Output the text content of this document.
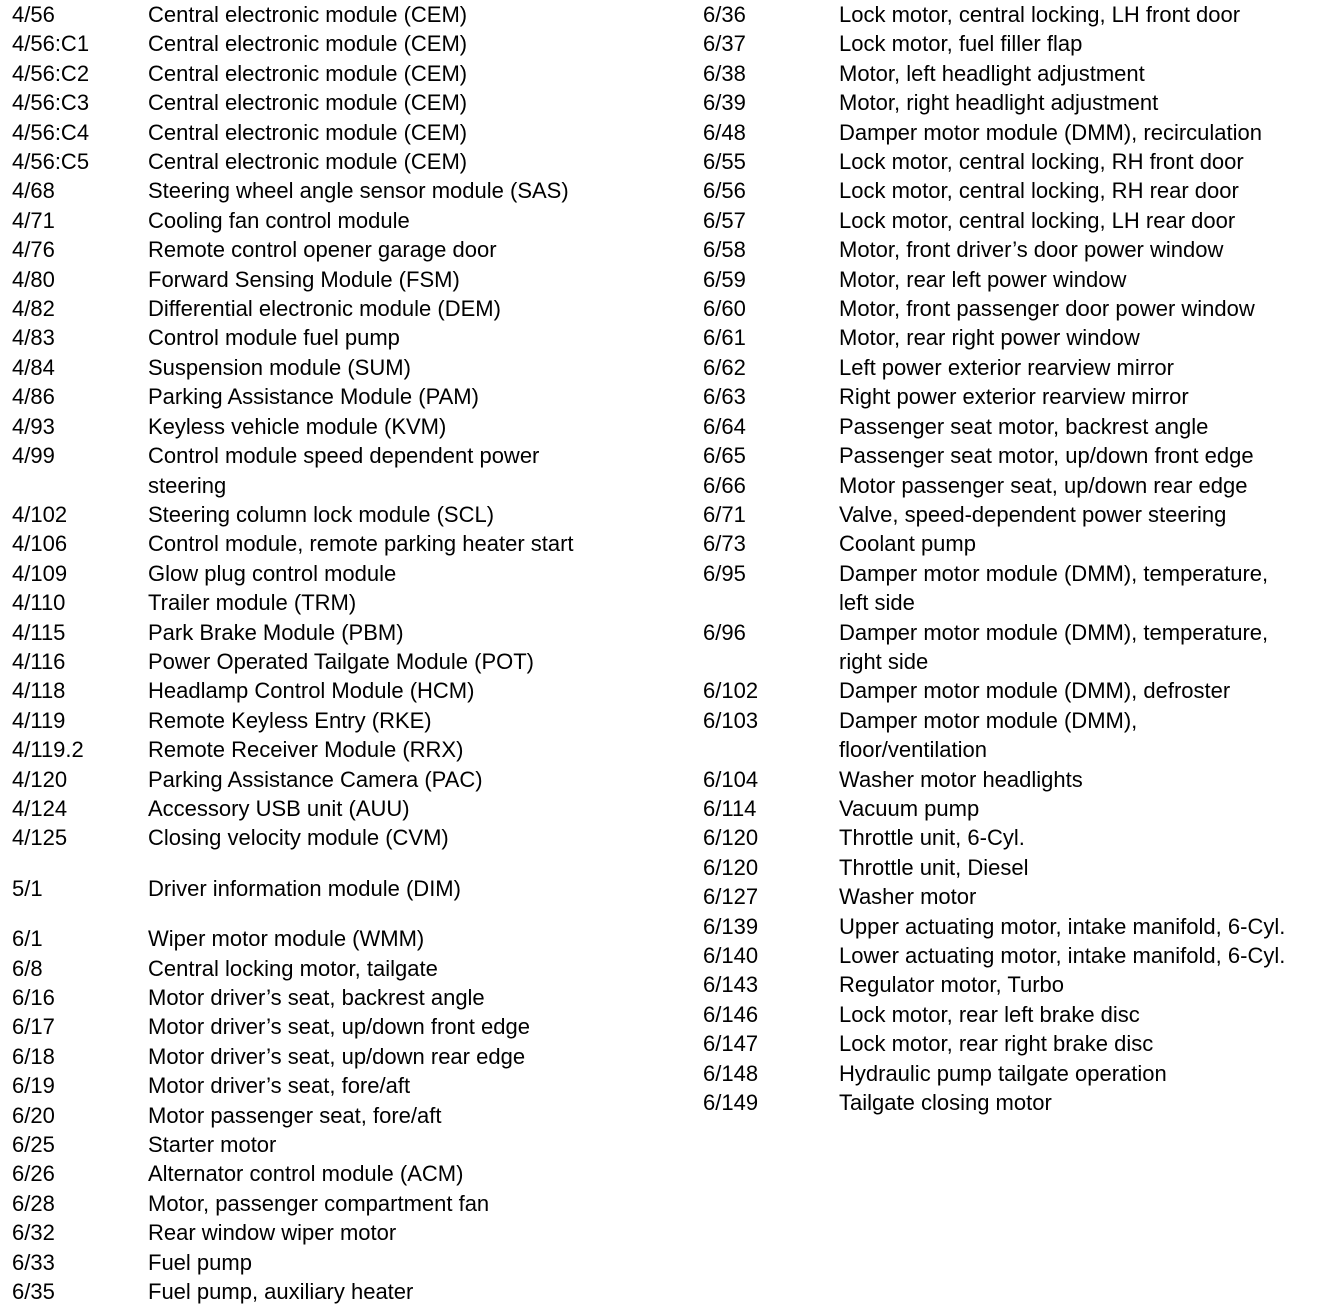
4/56	Central electronic module (CEM)
4/56:C1	Central electronic module (CEM)
4/56:C2	Central electronic module (CEM)
4/56:C3	Central electronic module (CEM)
4/56:C4	Central electronic module (CEM)
4/56:C5	Central electronic module (CEM)
4/68	Steering wheel angle sensor module (SAS)
4/71	Cooling fan control module
4/76	Remote control opener garage door
4/80	Forward Sensing Module (FSM)
4/82	Differential electronic module (DEM)
4/83	Control module fuel pump
4/84	Suspension module (SUM)
4/86	Parking Assistance Module (PAM)
4/93	Keyless vehicle module (KVM)
4/99	Control module speed dependent power
steering
4/102	Steering column lock module (SCL)
4/106	Control module, remote parking heater start
4/109	Glow plug control module
4/110	Trailer module (TRM)
4/115	Park Brake Module (PBM)
4/116	Power Operated Tailgate Module (POT)
4/118	Headlamp Control Module (HCM)
4/119	Remote Keyless Entry (RKE)
4/119.2	Remote Receiver Module (RRX)
4/120	Parking Assistance Camera (PAC)
4/124	Accessory USB unit (AUU)
4/125	Closing velocity module (CVM)
5/1	Driver information module (DIM)
6/1	Wiper motor module (WMM)
6/8	Central locking motor, tailgate
6/16	Motor driver’s seat, backrest angle
6/17	Motor driver’s seat, up/down front edge
6/18	Motor driver’s seat, up/down rear edge
6/19	Motor driver’s seat, fore/aft
6/20	Motor passenger seat, fore/aft
6/25	Starter motor
6/26	Alternator control module (ACM)
6/28	Motor, passenger compartment fan
6/32	Rear window wiper motor
6/33	Fuel pump
6/35	Fuel pump, auxiliary heater
6/36	Lock motor, central locking, LH front door
6/37	Lock motor, fuel filler flap
6/38	Motor, left headlight adjustment
6/39	Motor, right headlight adjustment
6/48	Damper motor module (DMM), recirculation
6/55	Lock motor, central locking, RH front door
6/56	Lock motor, central locking, RH rear door
6/57	Lock motor, central locking, LH rear door
6/58	Motor, front driver’s door power window
6/59	Motor, rear left power window
6/60	Motor, front passenger door power window
6/61	Motor, rear right power window
6/62	Left power exterior rearview mirror
6/63	Right power exterior rearview mirror
6/64	Passenger seat motor, backrest angle
6/65	Passenger seat motor, up/down front edge
6/66	Motor passenger seat, up/down rear edge
6/71	Valve, speed-dependent power steering
6/73	Coolant pump
6/95	Damper motor module (DMM), temperature,
left side
6/96	Damper motor module (DMM), temperature,
right side
6/102	Damper motor module (DMM), defroster
6/103	Damper motor module (DMM),
floor/ventilation
6/104	Washer motor headlights
6/114	Vacuum pump
6/120	Throttle unit, 6-Cyl.
6/120	Throttle unit, Diesel
6/127	Washer motor
6/139	Upper actuating motor, intake manifold, 6-Cyl.
6/140	Lower actuating motor, intake manifold, 6-Cyl.
6/143	Regulator motor, Turbo
6/146	Lock motor, rear left brake disc
6/147	Lock motor, rear right brake disc
6/148	Hydraulic pump tailgate operation
6/149	Tailgate closing motor
